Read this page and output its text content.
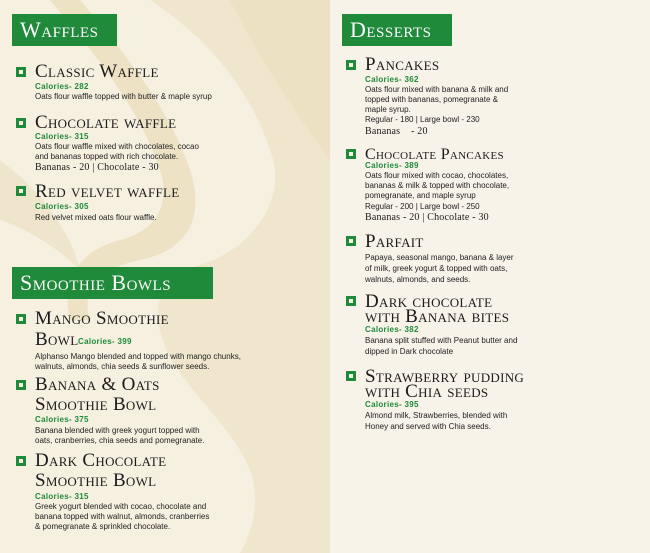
Waffles
Classic Waffle
Calories- 282
Oats flour waffle topped with butter & maple syrup
Chocolate waffle
Calories- 315
Oats flour waffle mixed with chocolates, cocao
and bananas topped with rich chocolate.
Bananas - 20 | Chocolate - 30
Red velvet waffle
Calories- 305
Red velvet mixed oats flour waffle.
Smoothie Bowls
Mango Smoothie
Bowl Calories- 399
Alphanso Mango blended and topped with mango chunks,
walnuts, almonds, chia seeds & sunflower seeds.
Banana & Oats
Smoothie Bowl
Calories- 375
Banana blended with greek yogurt topped with
oats, cranberries, chia seeds and pomegranate.
Dark Chocolate
Smoothie Bowl
Calories- 315
Greek yogurt blended with cocao, chocolate and
banana topped with walnut, almonds, cranberries
& pomegranate & sprinkled chocolate.
Desserts
Pancakes
Calories- 362
Oats flour mixed with banana & milk and
topped with bananas, pomegranate &
maple syrup.
Regular - 180 | Large bowl - 230
Bananas    - 20
Chocolate Pancakes
Calories- 389
Oats flour mixed with cocao, chocolates,
bananas & milk & topped with chocolate,
pomegranate, and maple syrup
Regular - 200 | Large bowl - 250
Bananas - 20 | Chocolate - 30
Parfait
Papaya, seasonal mango, banana & layer
of milk, greek yogurt & topped with oats,
walnuts, almonds, and seeds.
Dark chocolate
with Banana bites
Calories- 382
Banana split stuffed with Peanut butter and
dipped in Dark chocolate
Strawberry pudding
with Chia seeds
Calories- 395
Almond milk, Strawberries, blended with
Honey and served with Chia seeds.
